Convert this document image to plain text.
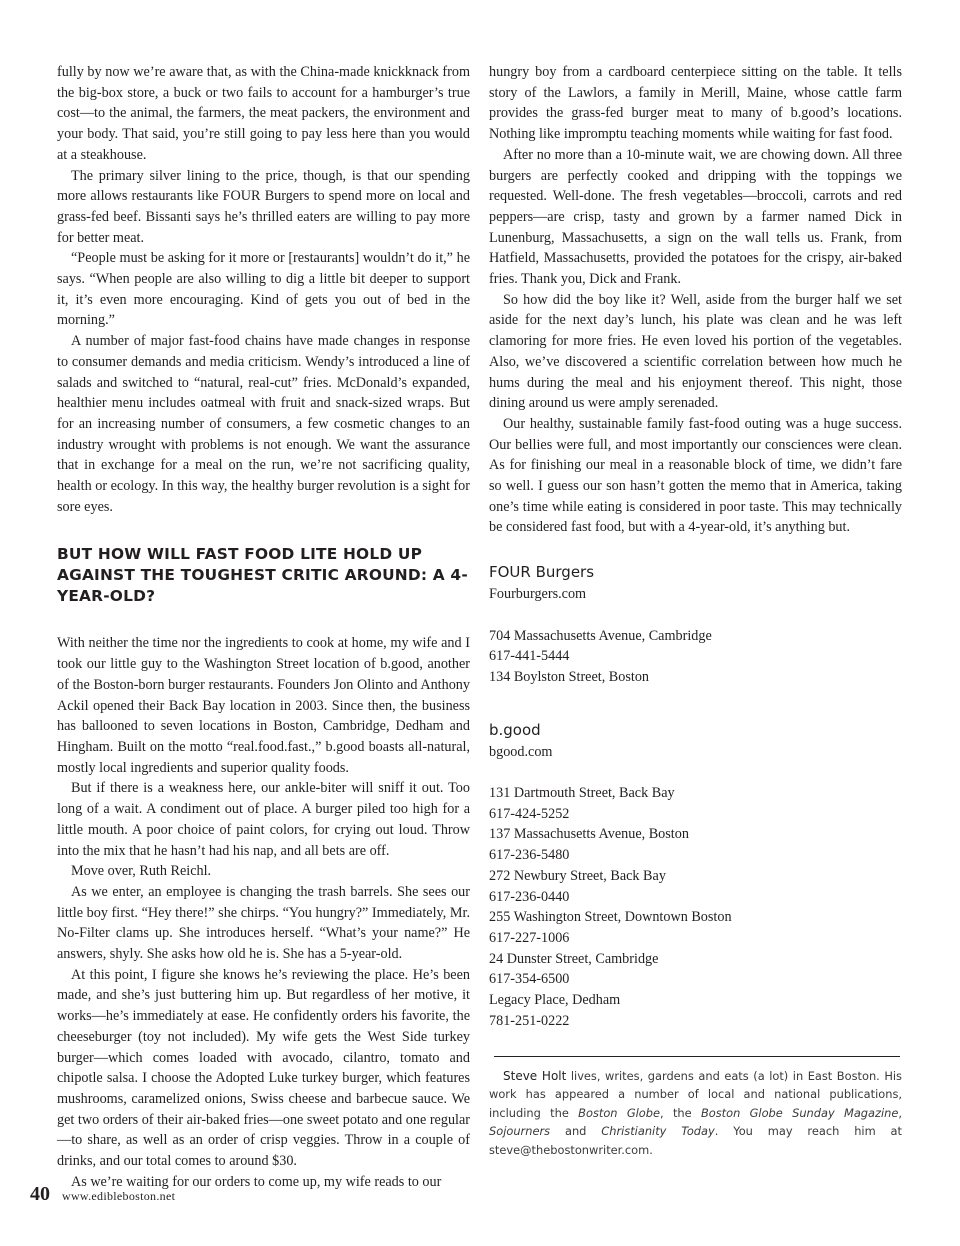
fully by now we’re aware that, as with the China-made knickknack from the big-box store, a buck or two fails to account for a hamburger’s true cost—to the animal, the farmers, the meat packers, the environment and your body. That said, you’re still going to pay less here than you would at a steakhouse.

The primary silver lining to the price, though, is that our spending more allows restaurants like FOUR Burgers to spend more on local and grass-fed beef. Bissanti says he’s thrilled eaters are willing to pay more for better meat.

“People must be asking for it more or [restaurants] wouldn’t do it,” he says. “When people are also willing to dig a little bit deeper to support it, it’s even more encouraging. Kind of gets you out of bed in the morning.”

A number of major fast-food chains have made changes in response to consumer demands and media criticism. Wendy’s introduced a line of salads and switched to “natural, real-cut” fries. McDonald’s expanded, healthier menu includes oatmeal with fruit and snack-sized wraps. But for an increasing number of consumers, a few cosmetic changes to an industry wrought with problems is not enough. We want the assurance that in exchange for a meal on the run, we’re not sacrificing quality, health or ecology. In this way, the healthy burger revolution is a sight for sore eyes.

BUT HOW WILL FAST FOOD LITE HOLD UP AGAINST THE TOUGHEST CRITIC AROUND: A 4-YEAR-OLD?

With neither the time nor the ingredients to cook at home, my wife and I took our little guy to the Washington Street location of b.good, another of the Boston-born burger restaurants. Founders Jon Olinto and Anthony Ackil opened their Back Bay location in 2003. Since then, the business has ballooned to seven locations in Boston, Cambridge, Dedham and Hingham. Built on the motto “real.food.fast.,” b.good boasts all-natural, mostly local ingredients and superior quality foods.

But if there is a weakness here, our ankle-biter will sniff it out. Too long of a wait. A condiment out of place. A burger piled too high for a little mouth. A poor choice of paint colors, for crying out loud. Throw into the mix that he hasn’t had his nap, and all bets are off.

Move over, Ruth Reichl.

As we enter, an employee is changing the trash barrels. She sees our little boy first. “Hey there!” she chirps. “You hungry?” Immediately, Mr. No-Filter clams up. She introduces herself. “What’s your name?” He answers, shyly. She asks how old he is. She has a 5-year-old.

At this point, I figure she knows he’s reviewing the place. He’s been made, and she’s just buttering him up. But regardless of her motive, it works—he’s immediately at ease. He confidently orders his favorite, the cheeseburger (toy not included). My wife gets the West Side turkey burger—which comes loaded with avocado, cilantro, tomato and chipotle salsa. I choose the Adopted Luke turkey burger, which features mushrooms, caramelized onions, Swiss cheese and barbecue sauce. We get two orders of their air-baked fries—one sweet potato and one regular—to share, as well as an order of crisp veggies. Throw in a couple of drinks, and our total comes to around $30.

As we’re waiting for our orders to come up, my wife reads to our

hungry boy from a cardboard centerpiece sitting on the table. It tells story of the Lawlors, a family in Merill, Maine, whose cattle farm provides the grass-fed burger meat to many of b.good’s locations. Nothing like impromptu teaching moments while waiting for fast food.

After no more than a 10-minute wait, we are chowing down. All three burgers are perfectly cooked and dripping with the toppings we requested. Well-done. The fresh vegetables—broccoli, carrots and red peppers—are crisp, tasty and grown by a farmer named Dick in Lunenburg, Massachusetts, a sign on the wall tells us. Frank, from Hatfield, Massachusetts, provided the potatoes for the crispy, air-baked fries. Thank you, Dick and Frank.

So how did the boy like it? Well, aside from the burger half we set aside for the next day’s lunch, his plate was clean and he was left clamoring for more fries. He even loved his portion of the vegetables. Also, we’ve discovered a scientific correlation between how much he hums during the meal and his enjoyment thereof. This night, those dining around us were amply serenaded.

Our healthy, sustainable family fast-food outing was a huge success. Our bellies were full, and most importantly our consciences were clean. As for finishing our meal in a reasonable block of time, we didn’t fare so well. I guess our son hasn’t gotten the memo that in America, taking one’s time while eating is considered in poor taste. This may technically be considered fast food, but with a 4-year-old, it’s anything but.

FOUR Burgers
Fourburgers.com
704 Massachusetts Avenue, Cambridge
617-441-5444
134 Boylston Street, Boston
b.good
bgood.com
131 Dartmouth Street, Back Bay
617-424-5252
137 Massachusetts Avenue, Boston
617-236-5480
272 Newbury Street, Back Bay
617-236-0440
255 Washington Street, Downtown Boston
617-227-1006
24 Dunster Street, Cambridge
617-354-6500
Legacy Place, Dedham
781-251-0222

Steve Holt lives, writes, gardens and eats (a lot) in East Boston. His work has appeared a number of local and national publications, including the Boston Globe, the Boston Globe Sunday Magazine, Sojourners and Christianity Today. You may reach him at steve@thebostonwriter.com.

40 www.edibleboston.net
